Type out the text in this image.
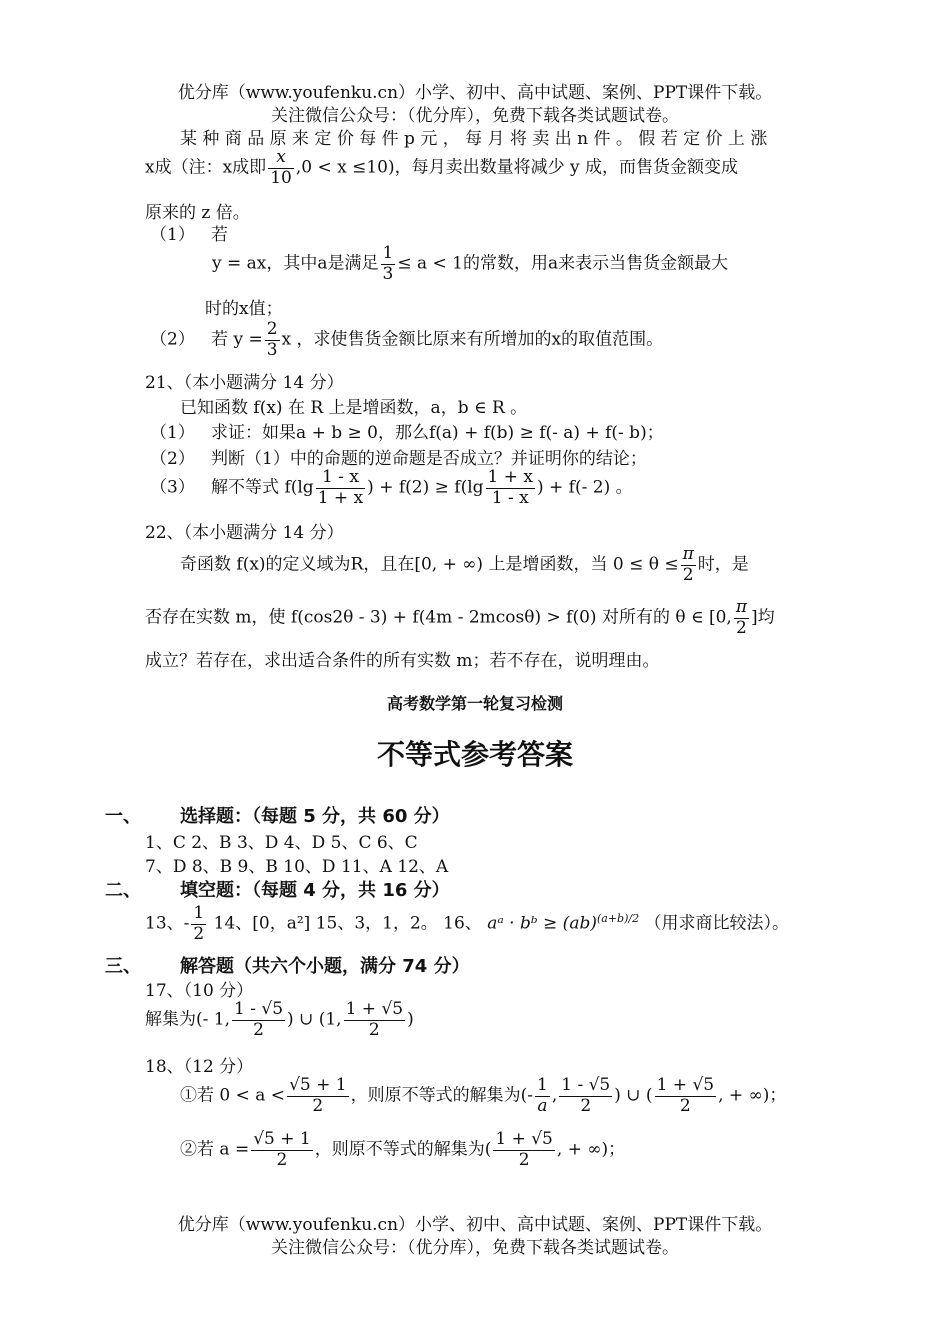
优分库（www.youfenku.cn）小学、初中、高中试题、案例、PPT课件下载。
关注微信公众号：（优分库），免费下载各类试题试卷。
某 种 商 品 原 来 定 价 每 件 p 元 ， 每 月 将 卖 出 n 件 。 假 若 定 价 上 涨
x成（注：x成即 $\frac{x}{10} ,0 < x \le 10$)，每月卖出数量将减少 y 成，而售货金额变成
原来的 z 倍。
（1） 若
y = ax，其中a是满足 $\frac{1}{3} \le a < 1$的常数，用a来表示当售货金额最大
时的x值；
（2） 若 $y = \frac{2}{3}$ x ，求使售货金额比原来有所增加的x的取值范围。
21、（本小题满分 14 分）
已知函数 f(x) 在 R 上是增函数，a，b ∈ R 。
（1） 求证：如果a + b ≥ 0，那么f(a) + f(b) ≥ f(- a) + f(- b)；
（2） 判断（1）中的命题的逆命题是否成立？并证明你的结论；
（3） 解不等式 $f(\lg \frac{1 - x}{1 + x}$ ) + $f(2) \ge f(\lg \frac{1 + x}{1 - x}$ ) + f(- 2) 。
22、（本小题满分 14 分）
奇函数 f(x)的定义域为R，且在[0, + ∞) 上是增函数，当 $0 \le \theta \le \frac{\pi}{2}$ 时，是
否存在实数 m，使 f(cos2θ - 3) + f(4m - 2mcosθ) > f(0) 对所有的 θ ∈ [0, $\frac{\pi}{2}$ ]均
成立？若存在，求出适合条件的所有实数 m；若不存在，说明理由。
高考数学第一轮复习检测
不等式参考答案
一、 选择题：（每题 5 分，共 60 分）
1、C 2、B 3、D 4、D 5、C 6、C
7、D 8、B 9、B 10、D 11、A 12、A
二、 填空题：（每题 4 分，共 16 分）
13、- $\frac{1}{2} 14$、[0，a²] 15、3，1，2。 16、 aᵃ · bᵇ ≥ (ab)$^{(a+b)/2}$ （用求商比较法）。
三、 解答题（共六个小题，满分 74 分）
17、（10 分）
解集为(- 1, $\frac{1 - √5}{2}$ ) ∪ (1, $\frac{1 + √5}{2}$ )
18、（12 分）
①若 $0 < a < \frac{√5 + 1}{2}$ ，则原不等式的解集为(- $\frac{1}{a}$ , $\frac{1 - √5}{2}$ ) ∪ ( $\frac{1 + √5}{2}$ , + ∞)；
②若 $a = \frac{√5 + 1}{2}$ ，则原不等式的解集为( $\frac{1 + √5}{2}$ , + ∞)；
优分库（www.youfenku.cn）小学、初中、高中试题、案例、PPT课件下载。
关注微信公众号：（优分库），免费下载各类试题试卷。
